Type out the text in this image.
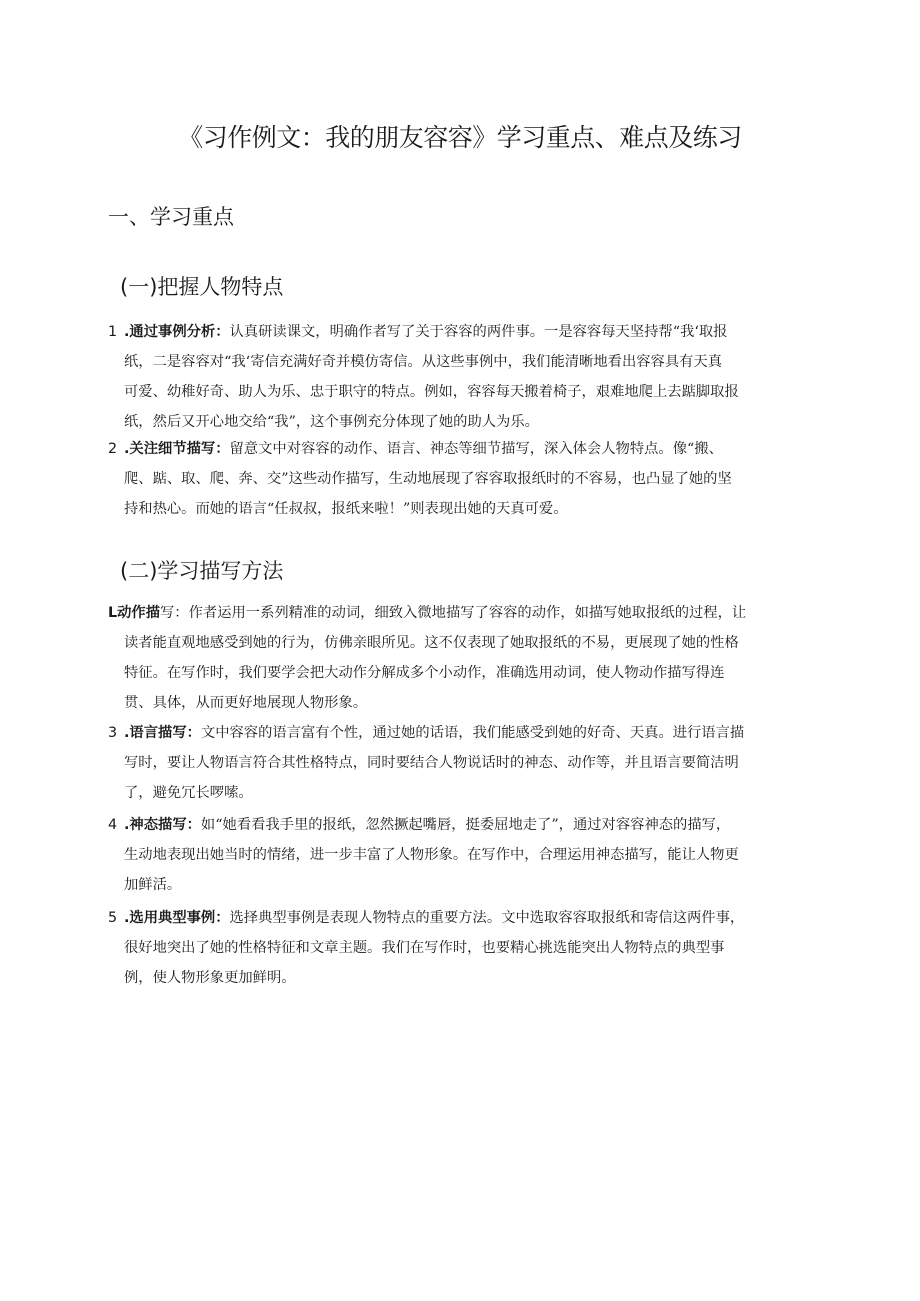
《习作例文：我的朋友容容》学习重点、难点及练习
一、学习重点
(一)把握人物特点
1 .通过事例分析：认真研读课文，明确作者写了关于容容的两件事。一是容容每天坚持帮“我‘取报
纸，二是容容对“我‘寄信充满好奇并模仿寄信。从这些事例中，我们能清晰地看出容容具有天真
可爱、幼稚好奇、助人为乐、忠于职守的特点。例如，容容每天搬着椅子，艰难地爬上去踮脚取报
纸，然后又开心地交给“我”，这个事例充分体现了她的助人为乐。
2 .关注细节描写：留意文中对容容的动作、语言、神态等细节描写，深入体会人物特点。像“搬、
爬、踮、取、爬、奔、交”这些动作描写，生动地展现了容容取报纸时的不容易，也凸显了她的坚
持和热心。而她的语言“任叔叔，报纸来啦！”则表现出她的天真可爱。
(二)学习描写方法
L动作描写：作者运用一系列精准的动词，细致入微地描写了容容的动作，如描写她取报纸的过程，让
读者能直观地感受到她的行为，仿佛亲眼所见。这不仅表现了她取报纸的不易，更展现了她的性格
特征。在写作时，我们要学会把大动作分解成多个小动作，准确选用动词，使人物动作描写得连
贯、具体，从而更好地展现人物形象。
3 .语言描写：文中容容的语言富有个性，通过她的话语，我们能感受到她的好奇、天真。进行语言描
写时，要让人物语言符合其性格特点，同时要结合人物说话时的神态、动作等，并且语言要简洁明
了，避免冗长啰嗦。
4 .神态描写：如“她看看我手里的报纸，忽然撅起嘴唇，挺委屈地走了”，通过对容容神态的描写，
生动地表现出她当时的情绪，进一步丰富了人物形象。在写作中，合理运用神态描写，能让人物更
加鲜活。
5 .选用典型事例：选择典型事例是表现人物特点的重要方法。文中选取容容取报纸和寄信这两件事，
很好地突出了她的性格特征和文章主题。我们在写作时，也要精心挑选能突出人物特点的典型事
例，使人物形象更加鲜明。
